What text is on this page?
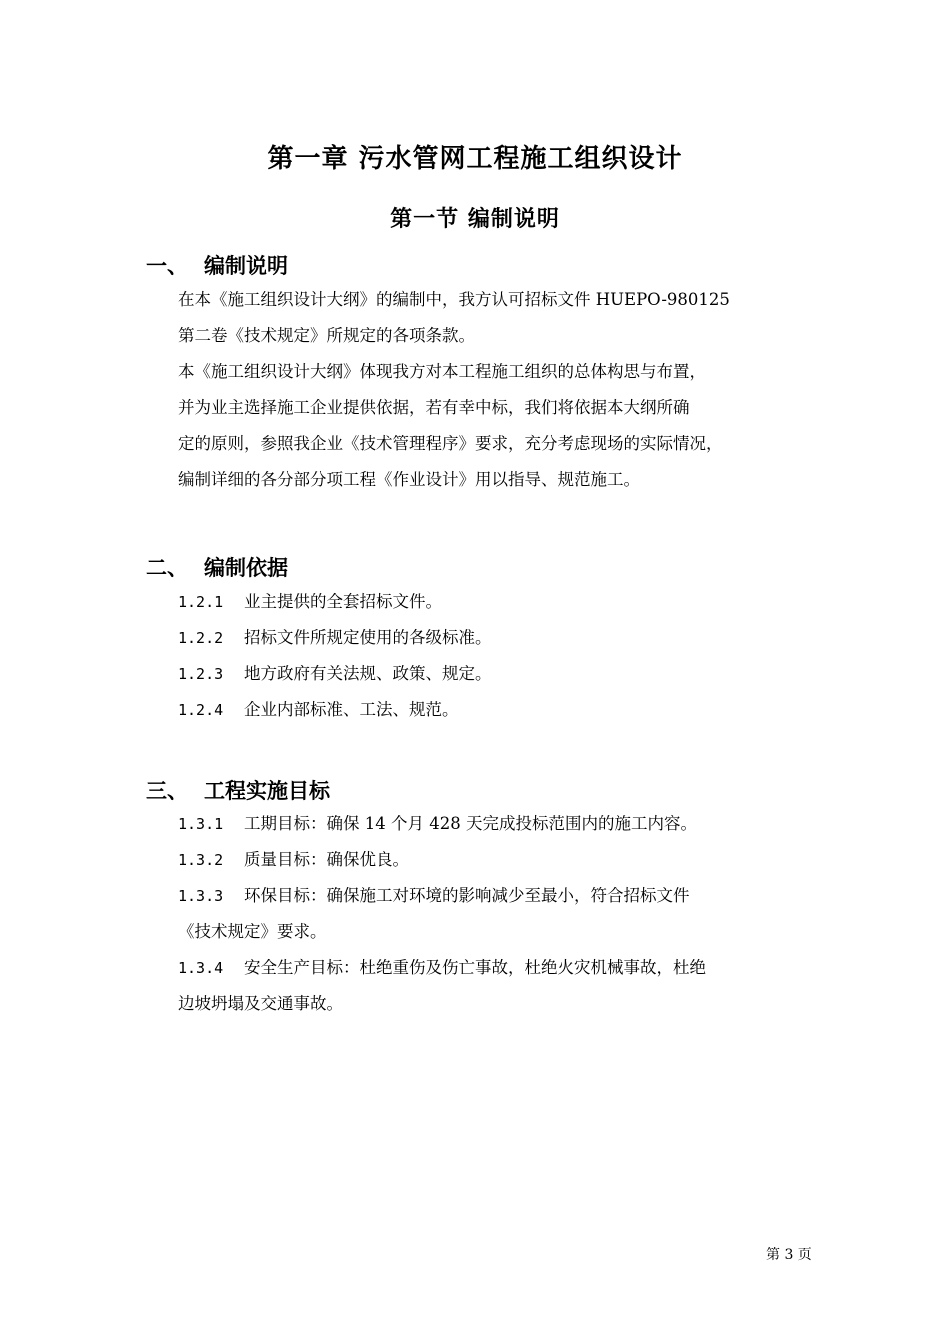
第一章 污水管网工程施工组织设计
第一节 编制说明
一、 编制说明

在本《施工组织设计大纲》的编制中，我方认可招标文件 HUEPO-980125

第二卷《技术规定》所规定的各项条款。

本《施工组织设计大纲》体现我方对本工程施工组织的总体构思与布置，

并为业主选择施工企业提供依据，若有幸中标，我们将依据本大纲所确

定的原则，参照我企业《技术管理程序》要求，充分考虑现场的实际情况，

编制详细的各分部分项工程《作业设计》用以指导、规范施工。

二、 编制依据
1.2.1 业主提供的全套招标文件。
1.2.2 招标文件所规定使用的各级标准。
1.2.3 地方政府有关法规、政策、规定。
1.2.4 企业内部标准、工法、规范。
三、 工程实施目标
1.3.1 工期目标：确保 14 个月 428 天完成投标范围内的施工内容。
1.3.2 质量目标：确保优良。
1.3.3 环保目标：确保施工对环境的影响减少至最小，符合招标文件
《技术规定》要求。
1.3.4 安全生产目标：杜绝重伤及伤亡事故，杜绝火灾机械事故，杜绝
边坡坍塌及交通事故。
第 3 页
